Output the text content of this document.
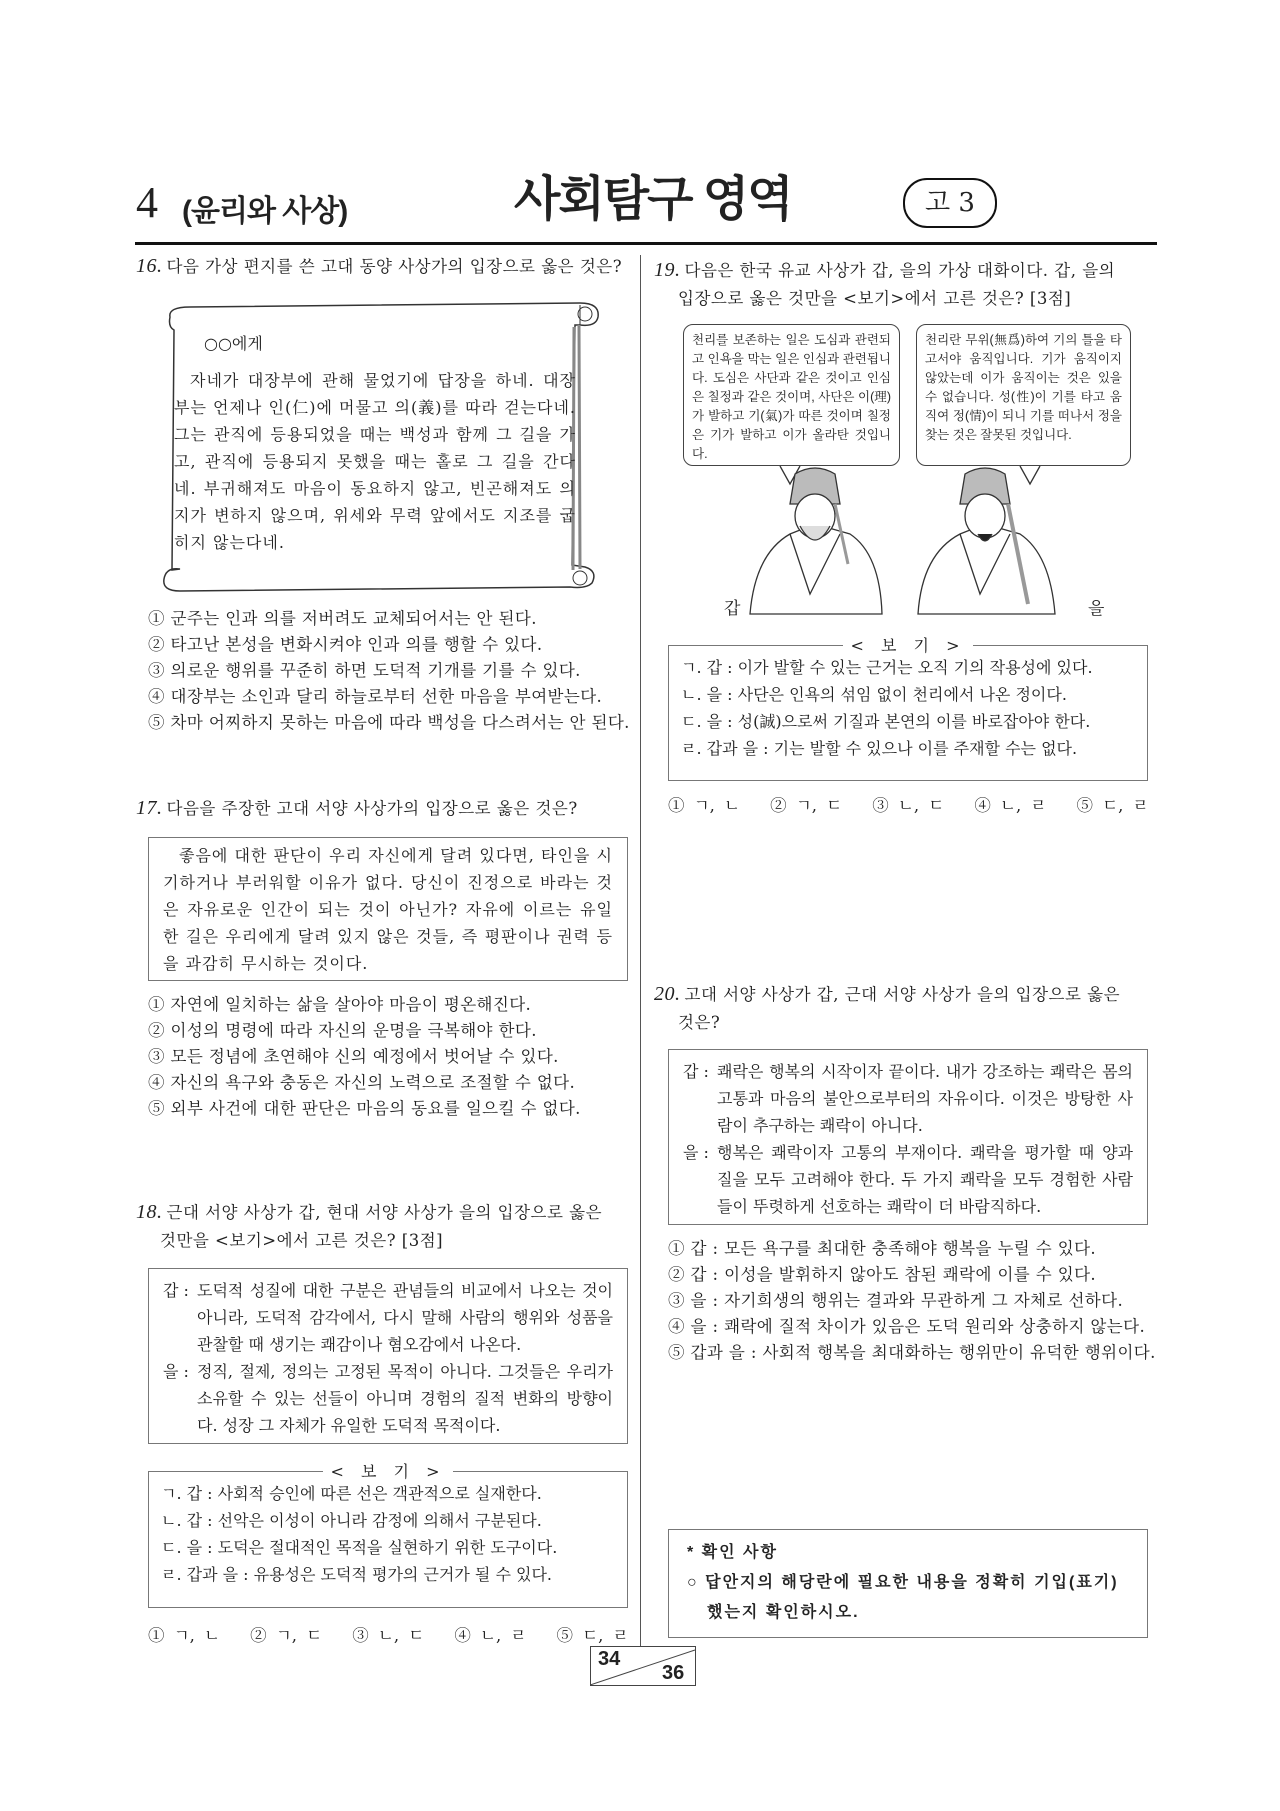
4 (윤리와 사상)	사회탐구 영역	고 3
16. 다음 가상 편지를 쓴 고대 동양 사상가의 입장으로 옳은 것은?
○○에게
자네가 대장부에 관해 물었기에 답장을 하네. 대장부는 언제나 인(仁)에 머물고 의(義)를 따라 걷는다네. 그는 관직에 등용되었을 때는 백성과 함께 그 길을 가고, 관직에 등용되지 못했을 때는 홀로 그 길을 간다네. 부귀해져도 마음이 동요하지 않고, 빈곤해져도 의지가 변하지 않으며, 위세와 무력 앞에서도 지조를 굽히지 않는다네.
① 군주는 인과 의를 저버려도 교체되어서는 안 된다.
② 타고난 본성을 변화시켜야 인과 의를 행할 수 있다.
③ 의로운 행위를 꾸준히 하면 도덕적 기개를 기를 수 있다.
④ 대장부는 소인과 달리 하늘로부터 선한 마음을 부여받는다.
⑤ 차마 어찌하지 못하는 마음에 따라 백성을 다스려서는 안 된다.
17. 다음을 주장한 고대 서양 사상가의 입장으로 옳은 것은?
좋음에 대한 판단이 우리 자신에게 달려 있다면, 타인을 시기하거나 부러워할 이유가 없다. 당신이 진정으로 바라는 것은 자유로운 인간이 되는 것이 아닌가? 자유에 이르는 유일한 길은 우리에게 달려 있지 않은 것들, 즉 평판이나 권력 등을 과감히 무시하는 것이다.
① 자연에 일치하는 삶을 살아야 마음이 평온해진다.
② 이성의 명령에 따라 자신의 운명을 극복해야 한다.
③ 모든 정념에 초연해야 신의 예정에서 벗어날 수 있다.
④ 자신의 욕구와 충동은 자신의 노력으로 조절할 수 없다.
⑤ 외부 사건에 대한 판단은 마음의 동요를 일으킬 수 없다.
18. 근대 서양 사상가 갑, 현대 서양 사상가 을의 입장으로 옳은
것만을 <보기>에서 고른 것은? [3점]
갑 : 도덕적 성질에 대한 구분은 관념들의 비교에서 나오는 것이 아니라, 도덕적 감각에서, 다시 말해 사람의 행위와 성품을 관찰할 때 생기는 쾌감이나 혐오감에서 나온다.
을 : 정직, 절제, 정의는 고정된 목적이 아니다. 그것들은 우리가 소유할 수 있는 선들이 아니며 경험의 질적 변화의 방향이다. 성장 그 자체가 유일한 도덕적 목적이다.
< 보 기 >
ㄱ. 갑 : 사회적 승인에 따른 선은 객관적으로 실재한다.
ㄴ. 갑 : 선악은 이성이 아니라 감정에 의해서 구분된다.
ㄷ. 을 : 도덕은 절대적인 목적을 실현하기 위한 도구이다.
ㄹ. 갑과 을 : 유용성은 도덕적 평가의 근거가 될 수 있다.
① ㄱ, ㄴ ② ㄱ, ㄷ ③ ㄴ, ㄷ ④ ㄴ, ㄹ ⑤ ㄷ, ㄹ
19. 다음은 한국 유교 사상가 갑, 을의 가상 대화이다. 갑, 을의
입장으로 옳은 것만을 <보기>에서 고른 것은? [3점]
천리를 보존하는 일은 도심과 관련되고 인욕을 막는 일은 인심과 관련됩니다. 도심은 사단과 같은 것이고 인심은 칠정과 같은 것이며, 사단은 이(理)가 발하고 기(氣)가 따른 것이며 칠정은 기가 발하고 이가 올라탄 것입니다.
천리란 무위(無爲)하여 기의 틀을 타고서야 움직입니다. 기가 움직이지 않았는데 이가 움직이는 것은 있을 수 없습니다. 성(性)이 기를 타고 움직여 정(情)이 되니 기를 떠나서 정을 찾는 것은 잘못된 것입니다.
갑	을
< 보 기 >
ㄱ. 갑 : 이가 발할 수 있는 근거는 오직 기의 작용성에 있다.
ㄴ. 을 : 사단은 인욕의 섞임 없이 천리에서 나온 정이다.
ㄷ. 을 : 성(誠)으로써 기질과 본연의 이를 바로잡아야 한다.
ㄹ. 갑과 을 : 기는 발할 수 있으나 이를 주재할 수는 없다.
① ㄱ, ㄴ ② ㄱ, ㄷ ③ ㄴ, ㄷ ④ ㄴ, ㄹ ⑤ ㄷ, ㄹ
20. 고대 서양 사상가 갑, 근대 서양 사상가 을의 입장으로 옳은
것은?
갑 : 쾌락은 행복의 시작이자 끝이다. 내가 강조하는 쾌락은 몸의 고통과 마음의 불안으로부터의 자유이다. 이것은 방탕한 사람이 추구하는 쾌락이 아니다.
을 : 행복은 쾌락이자 고통의 부재이다. 쾌락을 평가할 때 양과 질을 모두 고려해야 한다. 두 가지 쾌락을 모두 경험한 사람들이 뚜렷하게 선호하는 쾌락이 더 바람직하다.
① 갑 : 모든 욕구를 최대한 충족해야 행복을 누릴 수 있다.
② 갑 : 이성을 발휘하지 않아도 참된 쾌락에 이를 수 있다.
③ 을 : 자기희생의 행위는 결과와 무관하게 그 자체로 선하다.
④ 을 : 쾌락에 질적 차이가 있음은 도덕 원리와 상충하지 않는다.
⑤ 갑과 을 : 사회적 행복을 최대화하는 행위만이 유덕한 행위이다.
* 확인 사항
○ 답안지의 해당란에 필요한 내용을 정확히 기입(표기)
했는지 확인하시오.
34
36
